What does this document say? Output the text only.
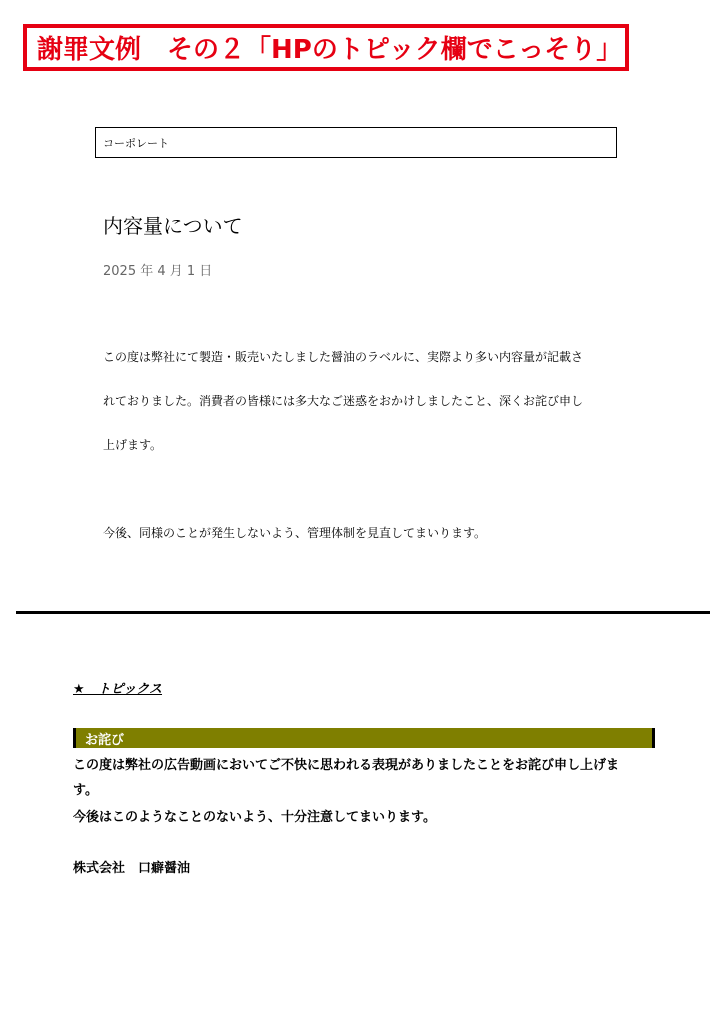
謝罪文例　その２「HPのトピック欄でこっそり」
コーポレート
内容量について
2025 年 4 月 1 日
この度は弊社にて製造・販売いたしました醤油のラベルに、実際より多い内容量が記載さ
れておりました。消費者の皆様には多大なご迷惑をおかけしましたこと、深くお詫び申し
上げます。
今後、同様のことが発生しないよう、管理体制を見直してまいります。
★　トピックス
お詫び
この度は弊社の広告動画においてご不快に思われる表現がありましたことをお詫び申し上げま
す。
今後はこのようなことのないよう、十分注意してまいります。
株式会社　口癖醤油
